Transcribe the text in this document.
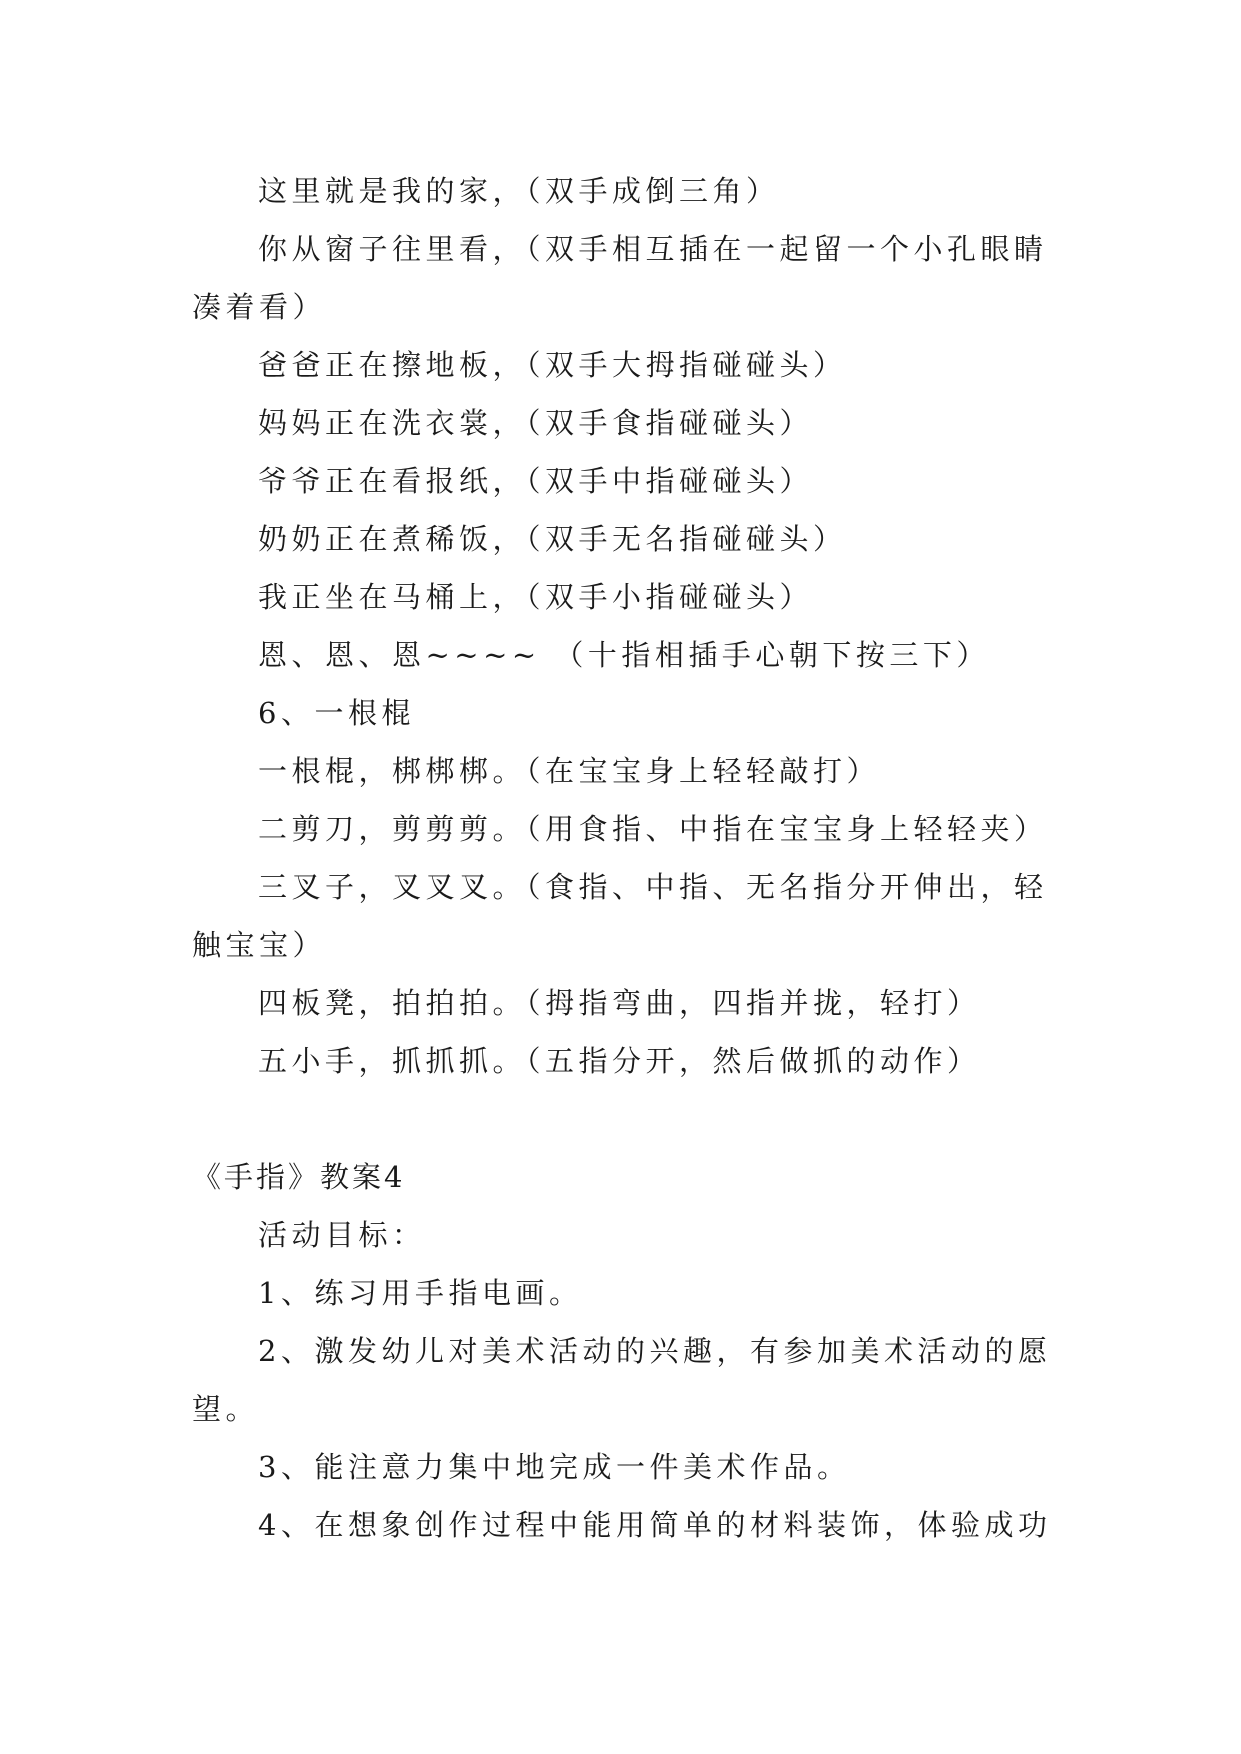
这里就是我的家，（双手成倒三角）

你从窗子往里看，（双手相互插在一起留一个小孔眼睛凑着看）

爸爸正在擦地板，（双手大拇指碰碰头）

妈妈正在洗衣裳，（双手食指碰碰头）

爷爷正在看报纸，（双手中指碰碰头）

奶奶正在煮稀饭，（双手无名指碰碰头）

我正坐在马桶上，（双手小指碰碰头）

恩、恩、恩~~~~ （十指相插手心朝下按三下）

6、一根棍

一根棍，梆梆梆。（在宝宝身上轻轻敲打）

二剪刀，剪剪剪。（用食指、中指在宝宝身上轻轻夹）

三叉子，叉叉叉。（食指、中指、无名指分开伸出，轻触宝宝）

四板凳，拍拍拍。（拇指弯曲，四指并拢，轻打）

五小手，抓抓抓。（五指分开，然后做抓的动作）

《手指》教案4

活动目标：

1、练习用手指电画。

2、激发幼儿对美术活动的兴趣，有参加美术活动的愿望。

3、能注意力集中地完成一件美术作品。

4、在想象创作过程中能用简单的材料装饰，体验成功
